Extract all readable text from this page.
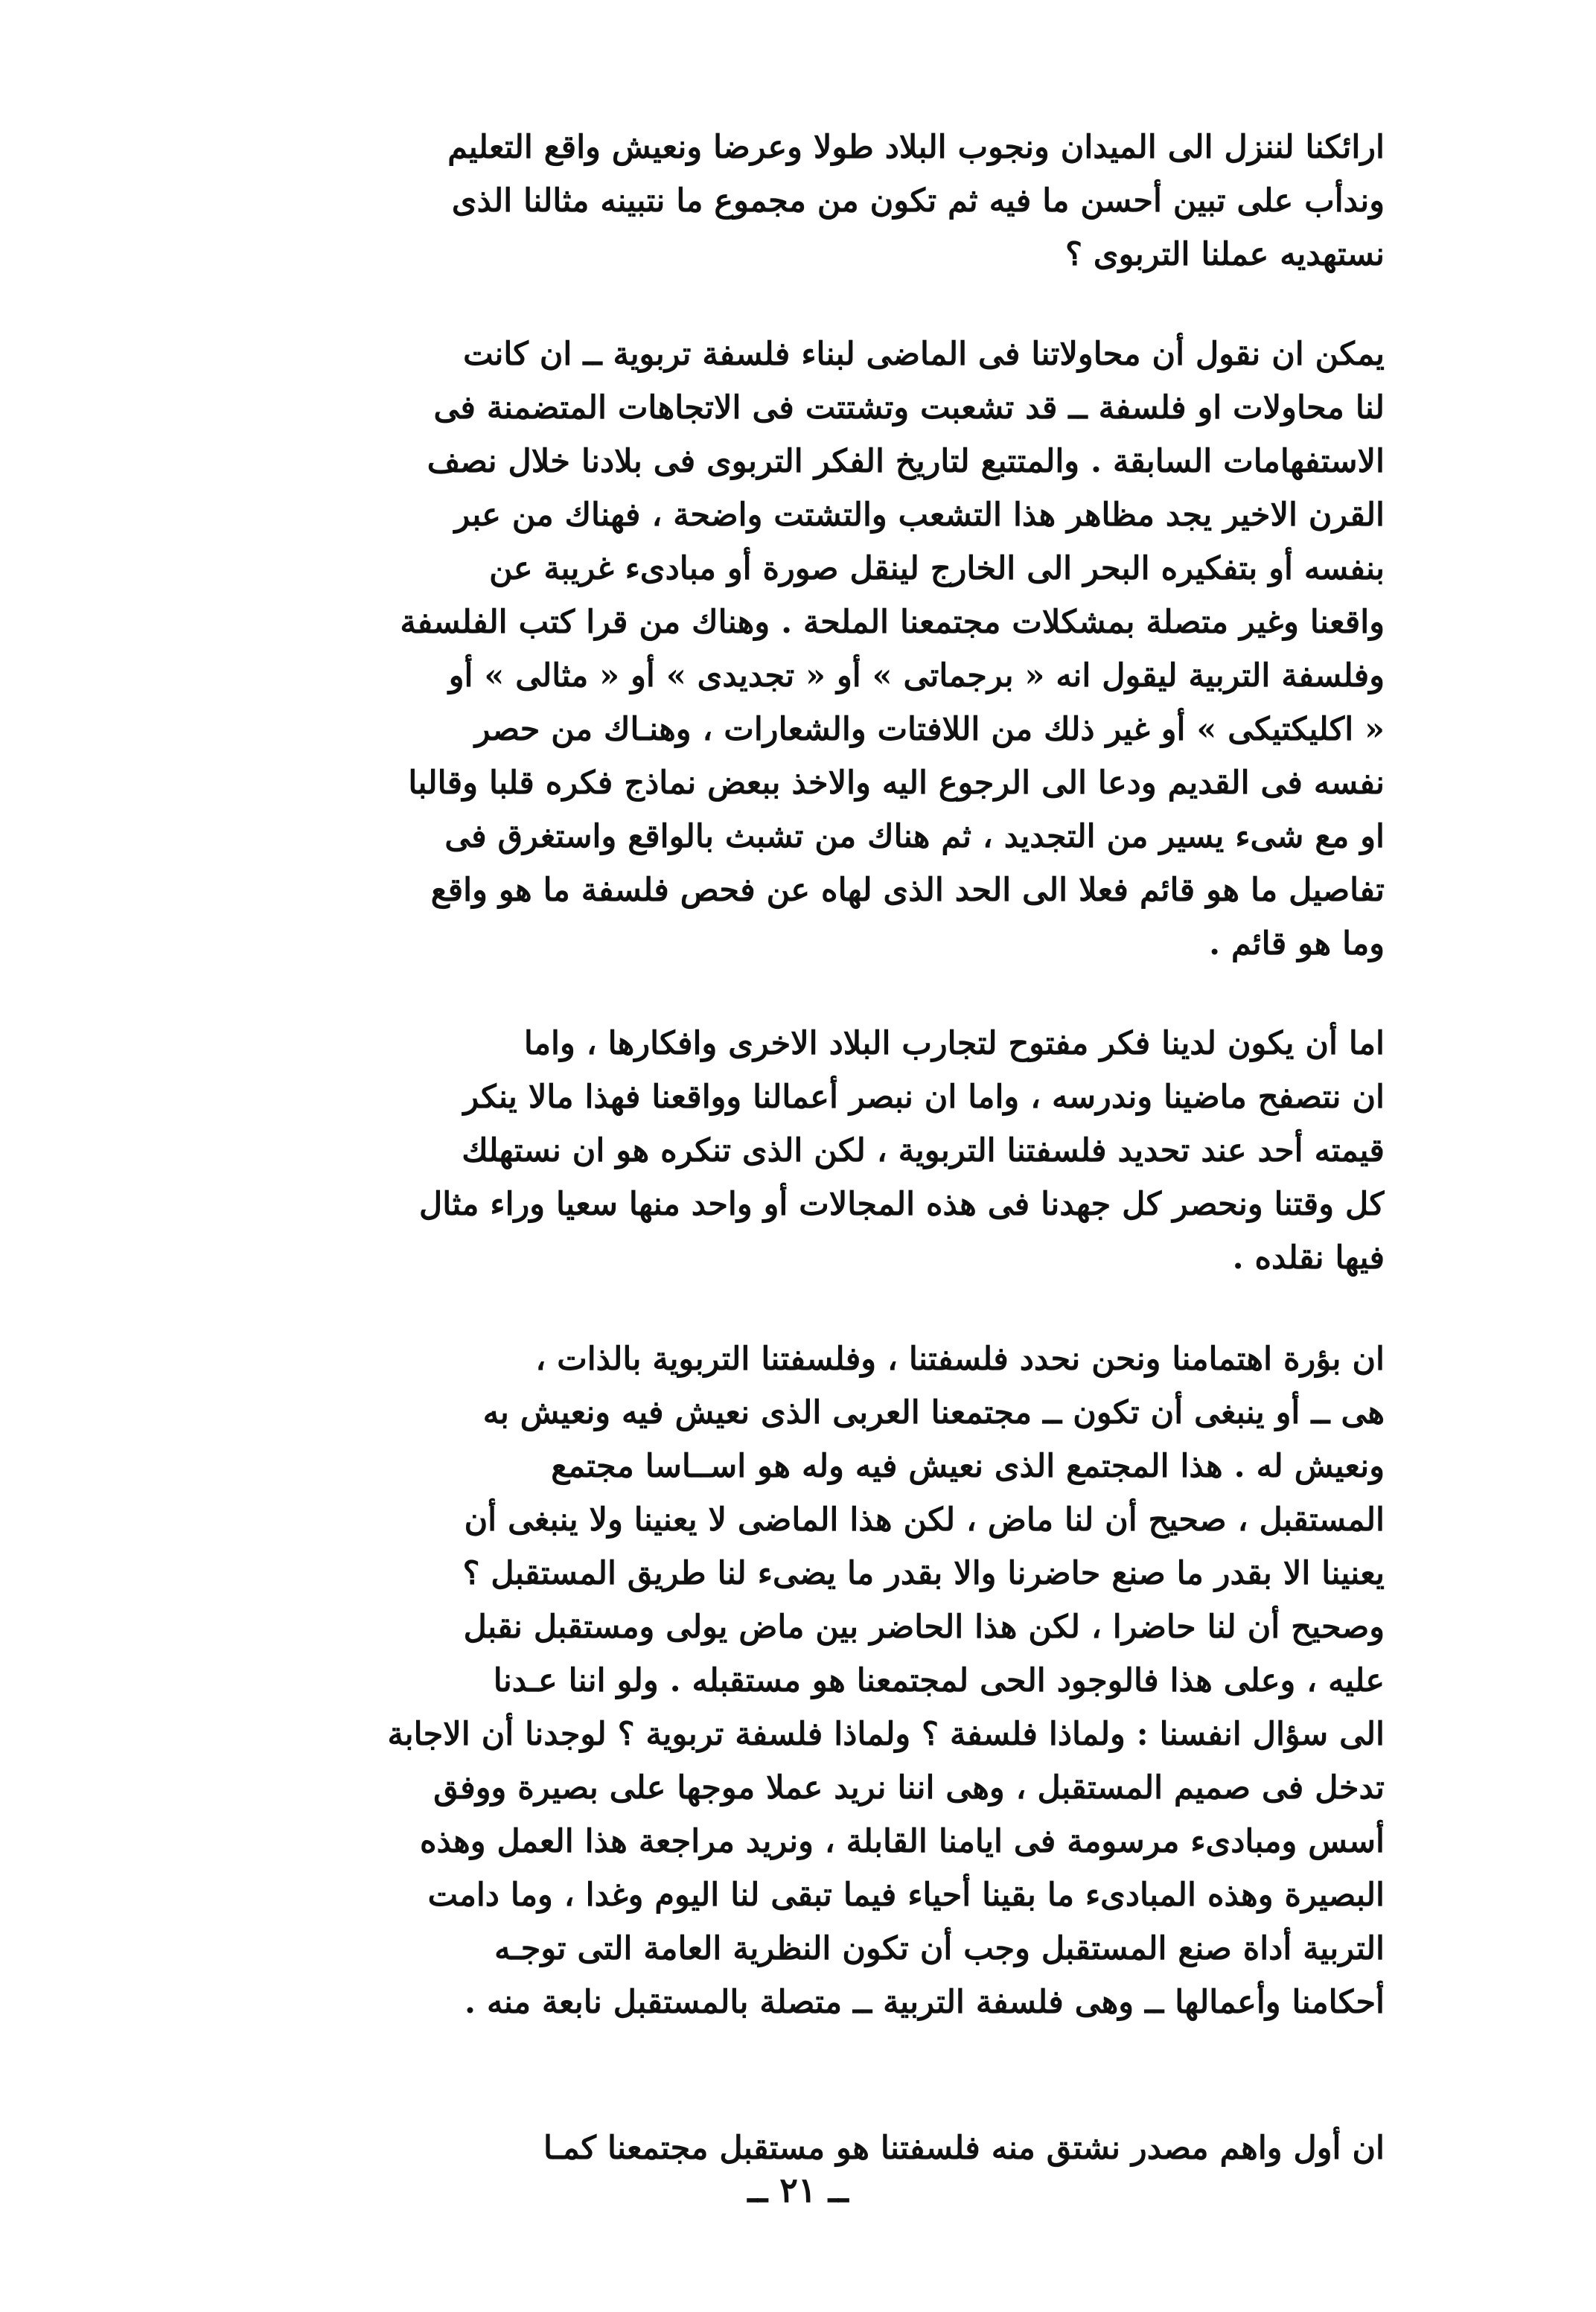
ارائكنا لننزل الى الميدان ونجوب البلاد طولا وعرضا ونعيش واقع التعليم
وندأب على تبين أحسن ما فيه ثم تكون من مجموع ما نتبينه مثالنا الذى
نستهديه عملنا التربوى ؟
يمكن ان نقول أن محاولاتنا فى الماضى لبناء فلسفة تربوية ــ ان كانت
لنا محاولات او فلسفة ــ قد تشعبت وتشتتت فى الاتجاهات المتضمنة فى
الاستفهامات السابقة . والمتتبع لتاريخ الفكر التربوى فى بلادنا خلال نصف
القرن الاخير يجد مظاهر هذا التشعب والتشتت واضحة ، فهناك من عبر
بنفسه أو بتفكيره البحر الى الخارج لينقل صورة أو مبادىء غريبة عن
واقعنا وغير متصلة بمشكلات مجتمعنا الملحة . وهناك من قرا كتب الفلسفة
وفلسفة التربية ليقول انه « برجماتى » أو « تجديدى » أو « مثالى » أو
« اكليكتيكى » أو غير ذلك من اللافتات والشعارات ، وهنـاك من حصر
نفسه فى القديم ودعا الى الرجوع اليه والاخذ ببعض نماذج فكره قلبا وقالبا
او مع شىء يسير من التجديد ، ثم هناك من تشبث بالواقع واستغرق فى
تفاصيل ما هو قائم فعلا الى الحد الذى لهاه عن فحص فلسفة ما هو واقع
وما هو قائم .
اما أن يكون لدينا فكر مفتوح لتجارب البلاد الاخرى وافكارها ، واما
ان نتصفح ماضينا وندرسه ، واما ان نبصر أعمالنا وواقعنا فهذا مالا ينكر
قيمته أحد عند تحديد فلسفتنا التربوية ، لكن الذى تنكره هو ان نستهلك
كل وقتنا ونحصر كل جهدنا فى هذه المجالات أو واحد منها سعيا وراء مثال
فيها نقلده .
ان بؤرة اهتمامنا ونحن نحدد فلسفتنا ، وفلسفتنا التربوية بالذات ،
هى ــ أو ينبغى أن تكون ــ مجتمعنا العربى الذى نعيش فيه ونعيش به
ونعيش له . هذا المجتمع الذى نعيش فيه وله هو اســاسا مجتمع
المستقبل ، صحيح أن لنا ماض ، لكن هذا الماضى لا يعنينا ولا ينبغى أن
يعنينا الا بقدر ما صنع حاضرنا والا بقدر ما يضىء لنا طريق المستقبل ؟
وصحيح أن لنا حاضرا ، لكن هذا الحاضر بين ماض يولى ومستقبل نقبل
عليه ، وعلى هذا فالوجود الحى لمجتمعنا هو مستقبله . ولو اننا عـدنا
الى سؤال انفسنا : ولماذا فلسفة ؟ ولماذا فلسفة تربوية ؟ لوجدنا أن الاجابة
تدخل فى صميم المستقبل ، وهى اننا نريد عملا موجها على بصيرة ووفق
أسس ومبادىء مرسومة فى ايامنا القابلة ، ونريد مراجعة هذا العمل وهذه
البصيرة وهذه المبادىء ما بقينا أحياء فيما تبقى لنا اليوم وغدا ، وما دامت
التربية أداة صنع المستقبل وجب أن تكون النظرية العامة التى توجـه
أحكامنا وأعمالها ــ وهى فلسفة التربية ــ متصلة بالمستقبل نابعة منه .
ان أول واهم مصدر نشتق منه فلسفتنا هو مستقبل مجتمعنا كمـا
ــ ٢١ ــ
